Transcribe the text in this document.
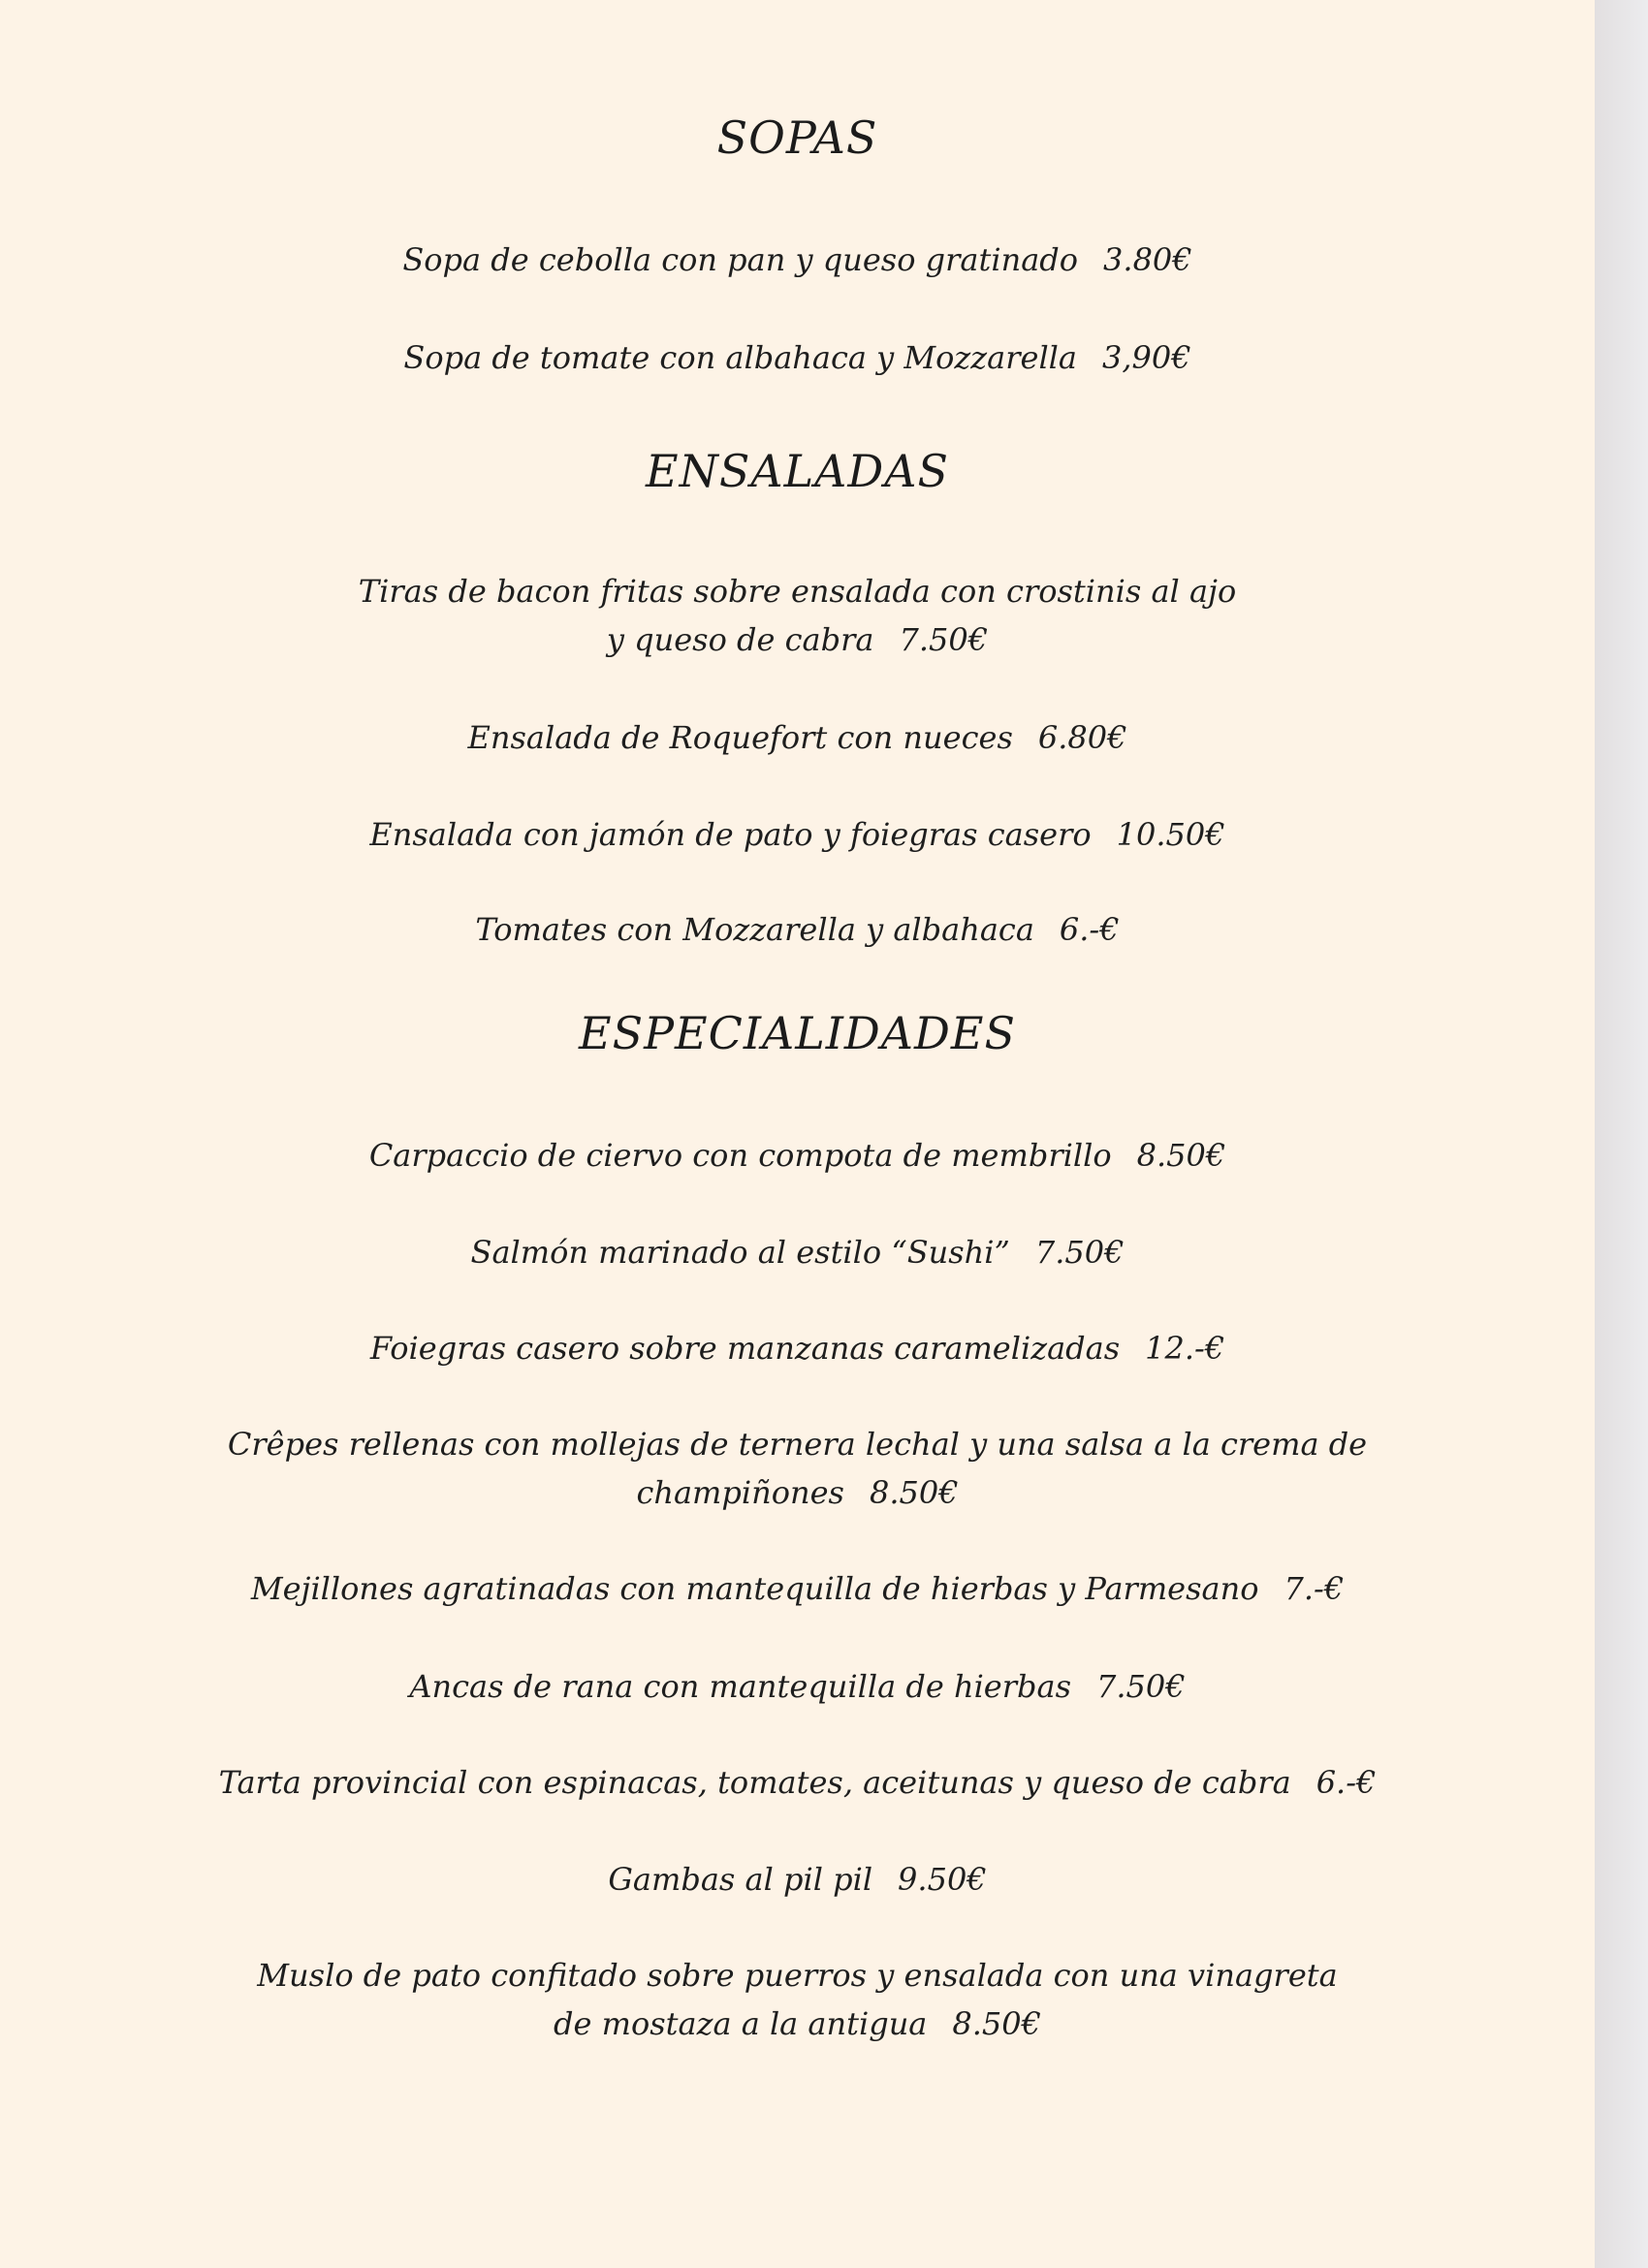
SOPAS
Sopa de cebolla con pan y queso gratinado 3.80€
Sopa de tomate con albahaca y Mozzarella 3,90€
ENSALADAS
Tiras de bacon fritas sobre ensalada con crostinis al ajo
y queso de cabra 7.50€
Ensalada de Roquefort con nueces 6.80€
Ensalada con jamón de pato y foiegras casero 10.50€
Tomates con Mozzarella y albahaca 6.-€
ESPECIALIDADES
Carpaccio de ciervo con compota de membrillo 8.50€
Salmón marinado al estilo “Sushi” 7.50€
Foiegras casero sobre manzanas caramelizadas 12.-€
Crêpes rellenas con mollejas de ternera lechal y una salsa a la crema de
champiñones 8.50€
Mejillones agratinadas con mantequilla de hierbas y Parmesano 7.-€
Ancas de rana con mantequilla de hierbas 7.50€
Tarta provincial con espinacas, tomates, aceitunas y queso de cabra 6.-€
Gambas al pil pil 9.50€
Muslo de pato confitado sobre puerros y ensalada con una vinagreta
de mostaza a la antigua 8.50€
